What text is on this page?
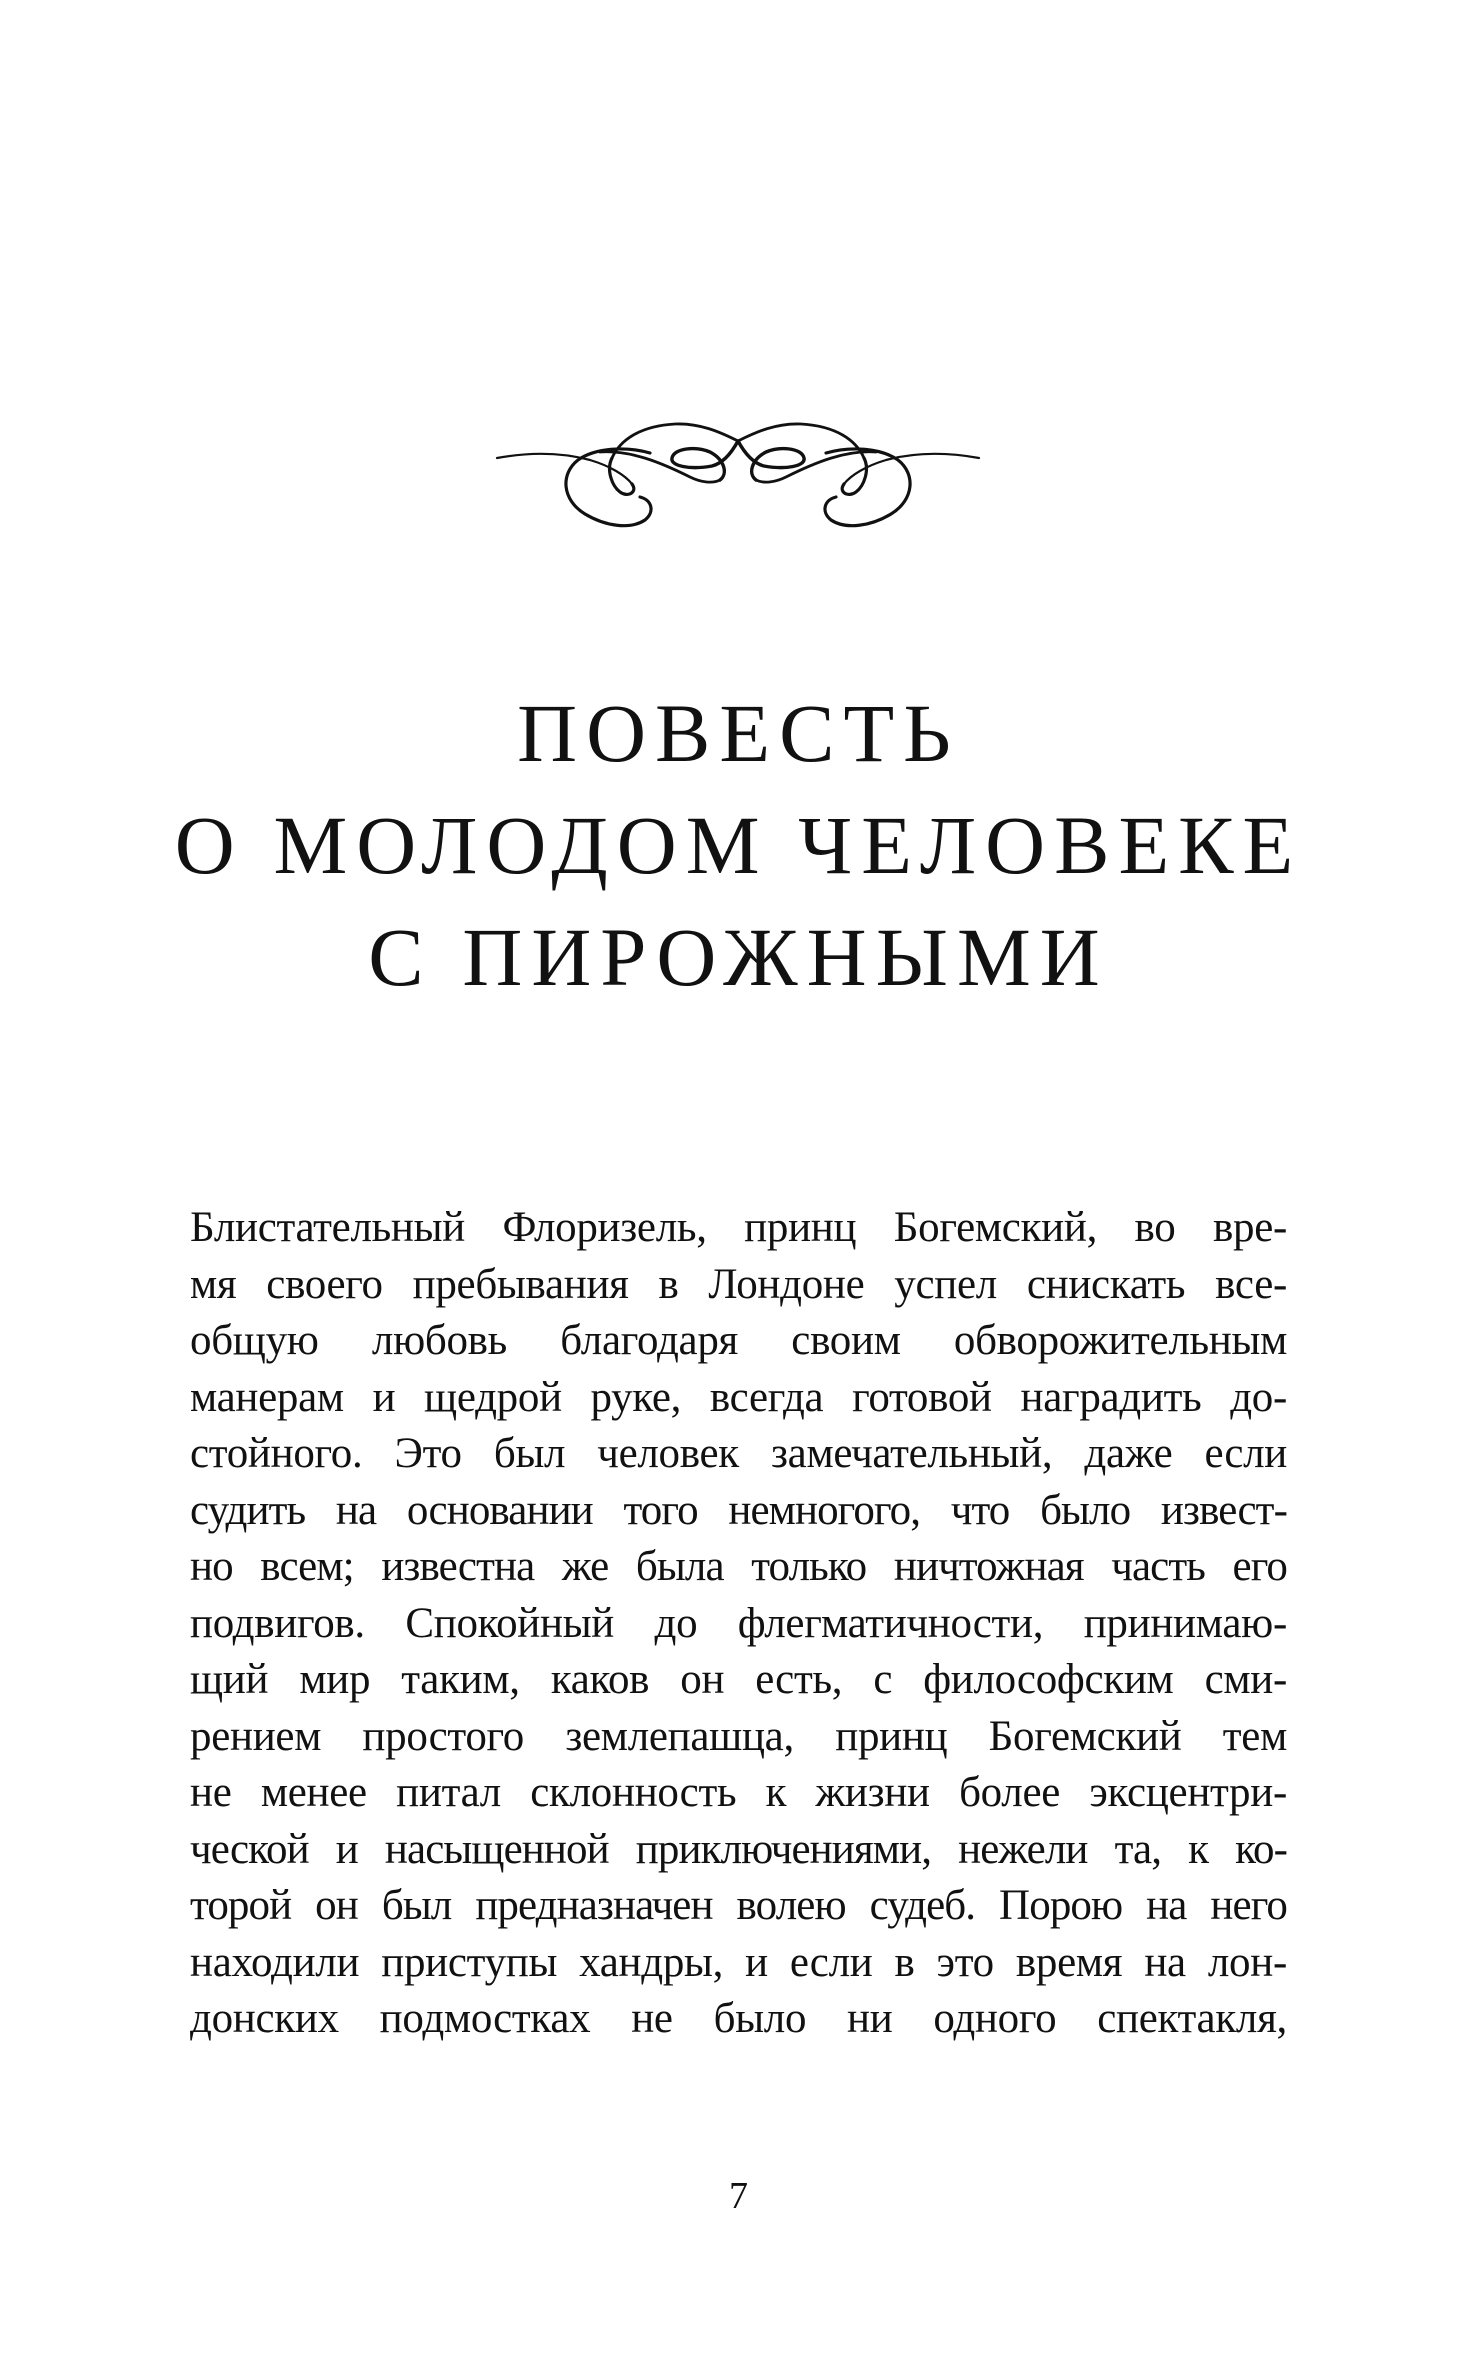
ПОВЕСТЬ
О МОЛОДОМ ЧЕЛОВЕКЕ
С ПИРОЖНЫМИ
Блистательный Флоризель, принц Богемский, во вре-
мя своего пребывания в Лондоне успел снискать все-
общую любовь благодаря своим обворожительным
манерам и щедрой руке, всегда готовой наградить до-
стойного. Это был человек замечательный, даже если
судить на основании того немногого, что было извест-
но всем; известна же была только ничтожная часть его
подвигов. Спокойный до флегматичности, принимаю-
щий мир таким, каков он есть, с философским сми-
рением простого землепашца, принц Богемский тем
не менее питал склонность к жизни более эксцентри-
ческой и насыщенной приключениями, нежели та, к ко-
торой он был предназначен волею судеб. Порою на него
находили приступы хандры, и если в это время на лон-
донских подмостках не было ни одного спектакля,
7
